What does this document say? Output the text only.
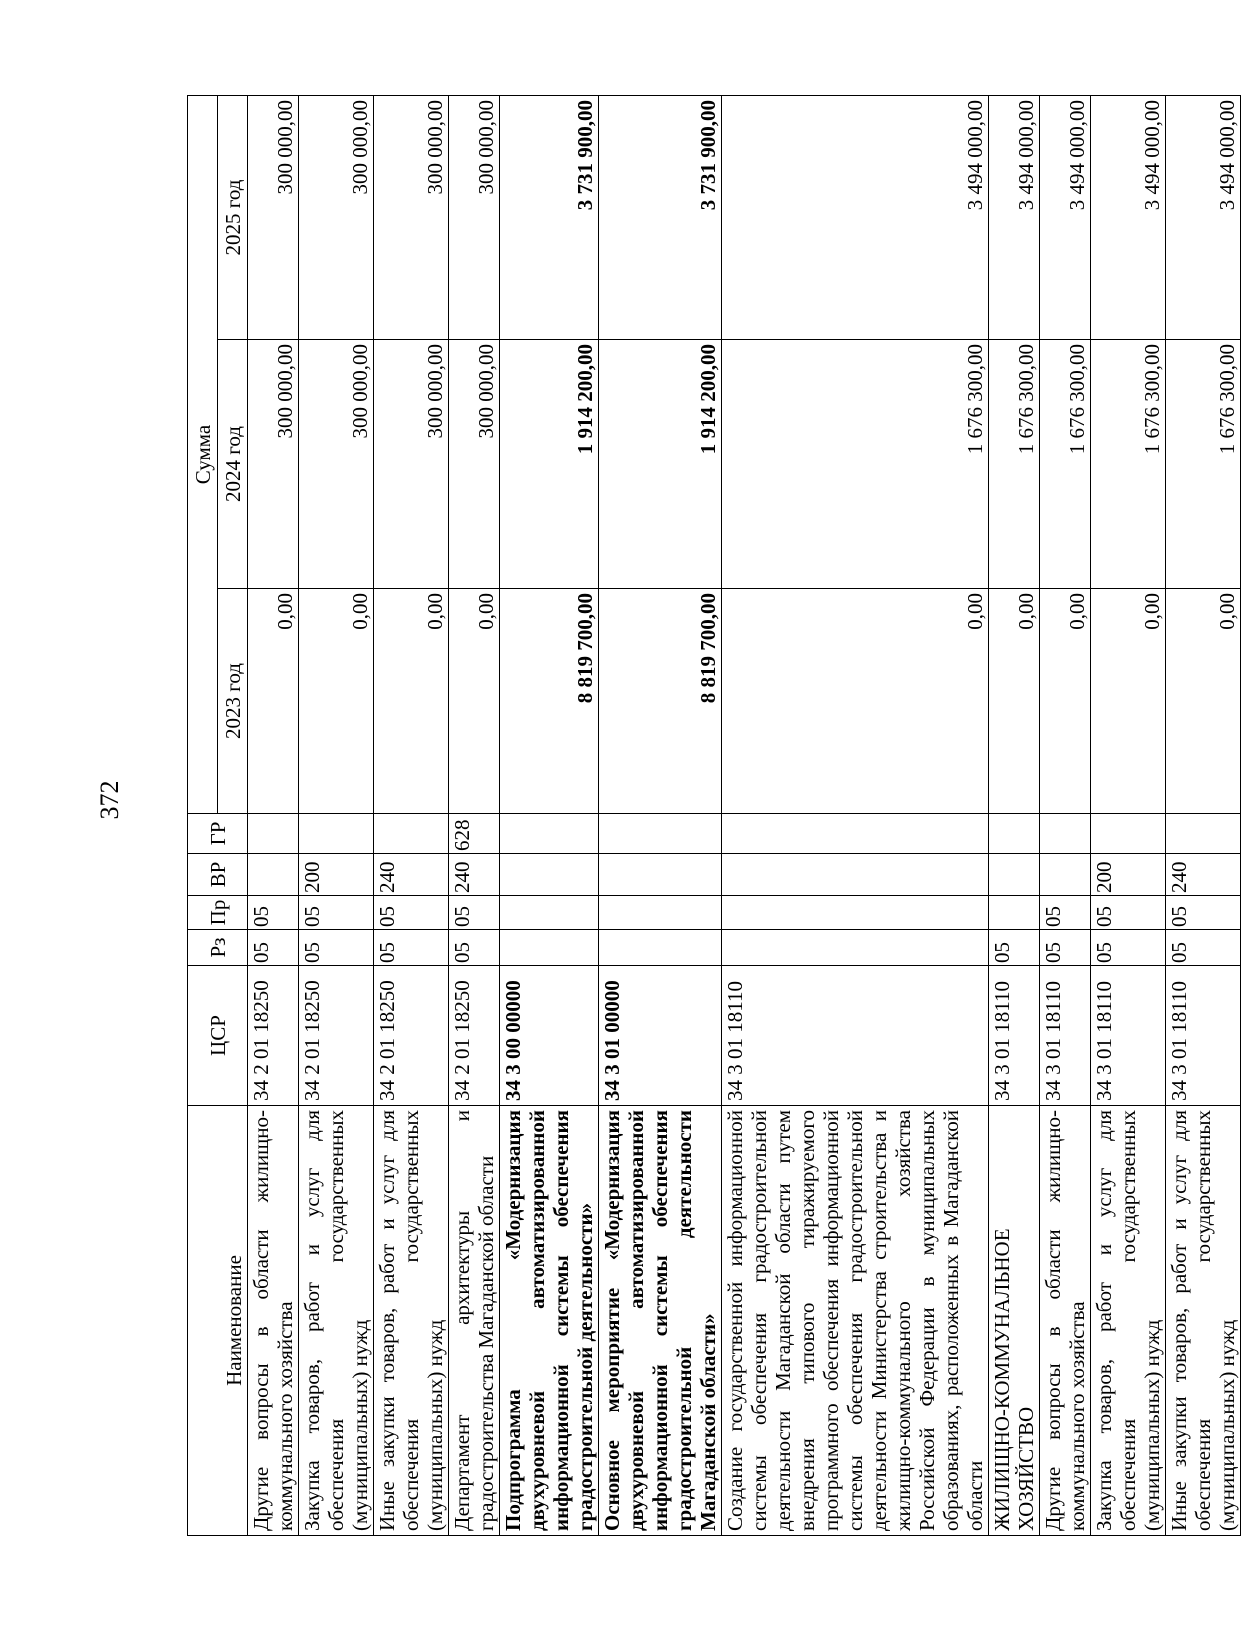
372
Наименование	ЦСР	Рз	Пр	ВР	ГР	Сумма		
						2023 год	2024 год	2025 год
Другие вопросы в области жилищно-коммунального хозяйства	34 2 01 18250	05	05			0,00	300 000,00	300 000,00
Закупка товаров, работ и услуг для обеспечения государственных (муниципальных) нужд	34 2 01 18250	05	05	200		0,00	300 000,00	300 000,00
Иные закупки товаров, работ и услуг для обеспечения государственных (муниципальных) нужд	34 2 01 18250	05	05	240		0,00	300 000,00	300 000,00
Департамент архитектуры и градостроительства Магаданской области	34 2 01 18250	05	05	240	628	0,00	300 000,00	300 000,00
Подпрограмма «Модернизация двухуровневой автоматизированной информационной системы обеспечения градостроительной деятельности»	34 3 00 00000					8 819 700,00	1 914 200,00	3 731 900,00
Основное мероприятие «Модернизация двухуровневой автоматизированной информационной системы обеспечения градостроительной деятельности Магаданской области»	34 3 01 00000					8 819 700,00	1 914 200,00	3 731 900,00
Создание государственной информационной системы обеспечения градостроительной деятельности Магаданской области путем внедрения типового тиражируемого программного обеспечения информационной системы обеспечения градостроительной деятельности Министерства строительства и жилищно-коммунального хозяйства Российской Федерации в муниципальных образованиях, расположенных в Магаданской области	34 3 01 18110					0,00	1 676 300,00	3 494 000,00
ЖИЛИЩНО-КОММУНАЛЬНОЕ ХОЗЯЙСТВО	34 3 01 18110	05				0,00	1 676 300,00	3 494 000,00
Другие вопросы в области жилищно-коммунального хозяйства	34 3 01 18110	05	05			0,00	1 676 300,00	3 494 000,00
Закупка товаров, работ и услуг для обеспечения государственных (муниципальных) нужд	34 3 01 18110	05	05	200		0,00	1 676 300,00	3 494 000,00
Иные закупки товаров, работ и услуг для обеспечения государственных (муниципальных) нужд	34 3 01 18110	05	05	240		0,00	1 676 300,00	3 494 000,00
